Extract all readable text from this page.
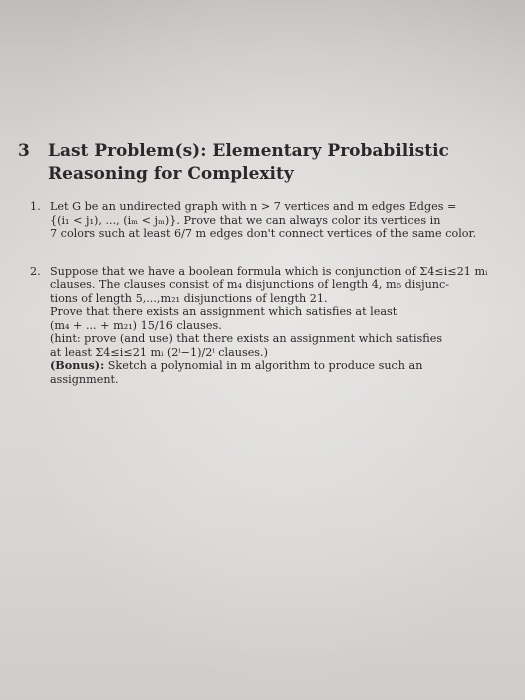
3	Last Problem(s): Elementary Probabilistic Reasoning for Complexity
1. Let G be an undirected graph with n > 7 vertices and m edges Edges =

{(i₁ < j₁), ..., (iₘ < jₘ)}. Prove that we can always color its vertices in

7 colors such at least 6/7 m edges don't connect vertices of the same color.

2. Suppose that we have a boolean formula which is conjunction of Σ4≤i≤21 mᵢ

clauses. The clauses consist of m₄ disjunctions of length 4, m₅ disjunc-

tions of length 5,...,m₂₁ disjunctions of length 21.

Prove that there exists an assignment which satisfies at least

(m₄ + ... + m₂₁) 15/16 clauses.

(hint: prove (and use) that there exists an assignment which satisfies

at least Σ4≤i≤21 mᵢ (2ⁱ−1)/2ⁱ clauses.)

(Bonus): Sketch a polynomial in m algorithm to produce such an assignment.
